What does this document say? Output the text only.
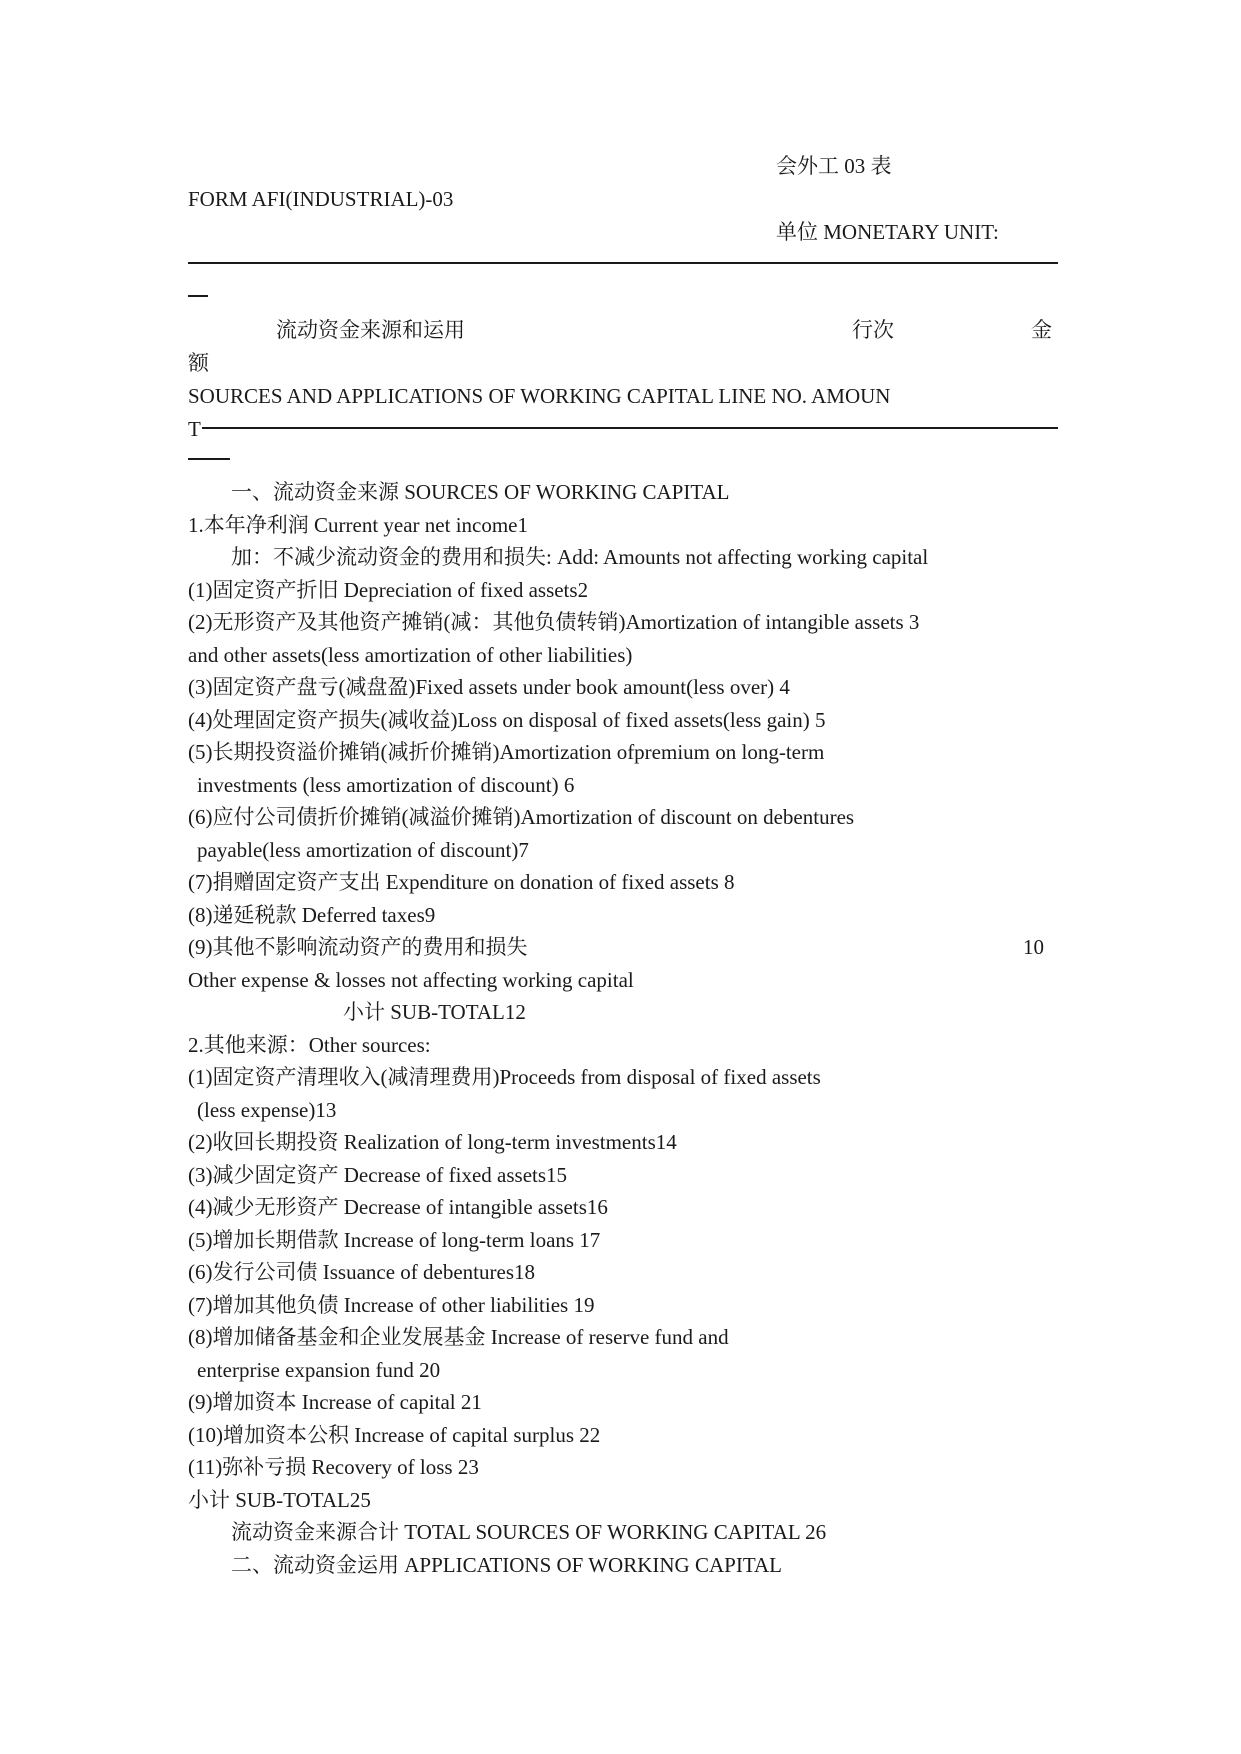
会外工 03 表
FORM AFI(INDUSTRIAL)-03
单位 MONETARY UNIT:
流动资金来源和运用	行次	金
额
SOURCES AND APPLICATIONS OF WORKING CAPITAL LINE NO. AMOUN
T
一、流动资金来源 SOURCES OF WORKING CAPITAL
1.本年净利润 Current year net income1
加：不减少流动资金的费用和损失: Add: Amounts not affecting working capital
(1)固定资产折旧 Depreciation of fixed assets2
(2)无形资产及其他资产摊销(减：其他负债转销)Amortization of intangible assets 3
and other assets(less amortization of other liabilities)
(3)固定资产盘亏(减盘盈)Fixed assets under book amount(less over) 4
(4)处理固定资产损失(减收益)Loss on disposal of fixed assets(less gain) 5
(5)长期投资溢价摊销(减折价摊销)Amortization ofpremium on long-term
investments (less amortization of discount) 6
(6)应付公司债折价摊销(减溢价摊销)Amortization of discount on debentures
payable(less amortization of discount)7
(7)捐赠固定资产支出 Expenditure on donation of fixed assets 8
(8)递延税款 Deferred taxes9
(9)其他不影响流动资产的费用和损失	10
Other expense & losses not affecting working capital
小计 SUB-TOTAL12
2.其他来源：Other sources:
(1)固定资产清理收入(减清理费用)Proceeds from disposal of fixed assets
(less expense)13
(2)收回长期投资 Realization of long-term investments14
(3)减少固定资产 Decrease of fixed assets15
(4)减少无形资产 Decrease of intangible assets16
(5)增加长期借款 Increase of long-term loans 17
(6)发行公司债 Issuance of debentures18
(7)增加其他负债 Increase of other liabilities 19
(8)增加储备基金和企业发展基金 Increase of reserve fund and
enterprise expansion fund 20
(9)增加资本 Increase of capital 21
(10)增加资本公积 Increase of capital surplus 22
(11)弥补亏损 Recovery of loss 23
小计 SUB-TOTAL25
流动资金来源合计 TOTAL SOURCES OF WORKING CAPITAL 26
二、流动资金运用 APPLICATIONS OF WORKING CAPITAL
